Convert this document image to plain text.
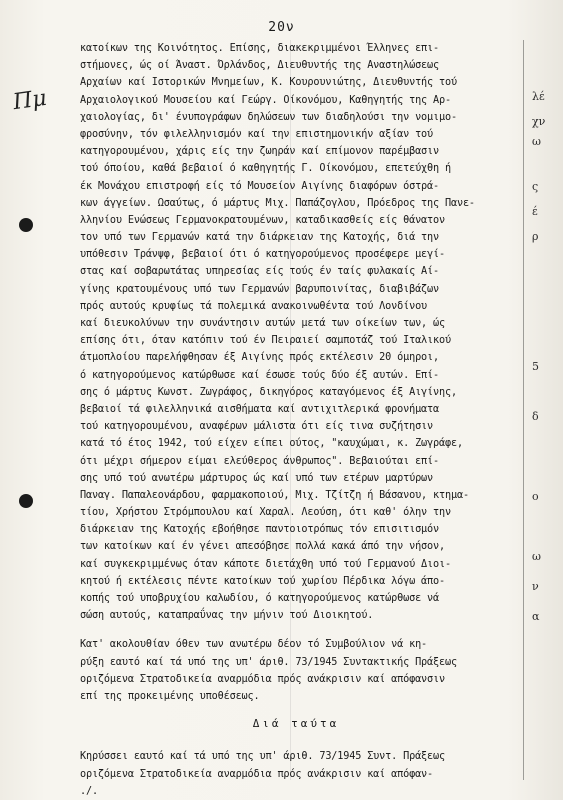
20ν
Πμ
κατοίκων της Κοινότητος. Επίσης, διακεκριμμένοι Έλληνες επι-
στήμονες, ώς οί Άναστ. Όρλάνδος, Διευθυντής της Αναστηλώσεως
Αρχαίων καί Ιστορικών Μνημείων, Κ. Κουρουνιώτης, Διευθυντής τού
Αρχαιολογικού Μουσείου καί Γεώργ. Οίκονόμου, Καθηγητής της Αρ-
χαιολογίας, δι' ένυπογράφων δηλώσεων των διαδηλούσι την νομιμο-
φροσύνην, τόν φιλελληνισμόν καί την επιστημονικήν αξίαν τού
κατηγορουμένου, χάρις είς την ζωηράν καί επίμονον παρέμβασιν
τού όποίου, καθά βεβαιοί ό καθηγητής Γ. Οίκονόμου, επετεύχθη ή
έκ Μονάχου επιστροφή είς τό Μουσείον Αιγίνης διαφόρων όστρά-
κων άγγείων. Ωσαύτως, ό μάρτυς Μιχ. Παπάζογλου, Πρόεδρος της Πανε-
λληνίου Ενώσεως Γερμανοκρατουμένων, καταδικασθείς είς θάνατον
τον υπό των Γερμανών κατά την διάρκειαν της Κατοχής, διά την
υπόθεσιν Τράνψφ, βεβαιοί ότι ό κατηγορούμενος προσέφερε μεγί-
στας καί σοβαρωτάτας υπηρεσίας είς τούς έν ταίς φυλακαίς Αί-
γίνης κρατουμένους υπό των Γερμανών βαρυποινίτας, διαβιβάζων
πρός αυτούς κρυφίως τά πολεμικά ανακοινωθέντα τού Λονδίνου
καί διευκολύνων την συνάντησιν αυτών μετά των οίκείων των, ώς
επίσης ότι, όταν κατόπιν τού έν Πειραιεί σαμποτάζ τού Ιταλικού
άτμοπλοίου παρελήφθησαν έξ Αιγίνης πρός εκτέλεσιν 20 όμηροι,
ό κατηγορούμενος κατώρθωσε καί έσωσε τούς δύο έξ αυτών. Επί-
σης ό μάρτυς Κωνστ. Ζωγράφος, δικηγόρος καταγόμενος έξ Αιγίνης,
βεβαιοί τά φιλελληνικά αισθήματα καί αντιχιτλερικά φρονήματα
τού κατηγορουμένου, αναφέρων μάλιστα ότι είς τινα συζήτησιν
κατά τό έτος 1942, τού είχεν είπει ούτος, "καυχώμαι, κ. Ζωγράφε,
ότι μέχρι σήμερον είμαι ελεύθερος άνθρωπος". Βεβαιούται επί-
σης υπό τού ανωτέρω μάρτυρος ώς καί υπό των ετέρων μαρτύρων
Παναγ. Παπαλεονάρδου, φαρμακοποιού, Μιχ. Τζίτζη ή Βάσανου, κτημα-
τίου, Χρήστου Στρόμπουλου καί Χαραλ. Λεούση, ότι καθ' όλην την
διάρκειαν της Κατοχής εβοήθησε παντοιοτρόπως τόν επισιτισμόν
των κατοίκων καί έν γένει απεσόβησε πολλά κακά άπό την νήσον,
καί συγκεκριμμένως όταν κάποτε διετάχθη υπό τού Γερμανού Διοι-
κητού ή εκτέλεσις πέντε κατοίκων τού χωρίου Πέρδικα λόγω άπο-
κοπής τού υποβρυχίου καλωδίου, ό κατηγορούμενος κατώρθωσε νά
σώση αυτούς, καταπραΰνας την μήνιν τού Διοικητού.
Κατ' ακολουθίαν όθεν των ανωτέρω δέον τό Συμβούλιον νά κη-
ρύξη εαυτό καί τά υπό της υπ' άριθ. 73/1945 Συντακτικής Πράξεως
οριζόμενα Στρατοδικεία αναρμόδια πρός ανάκρισιν καί απόφανσιν
επί της προκειμένης υποθέσεως.
Διά ταύτα
Κηρύσσει εαυτό καί τά υπό της υπ' άριθ. 73/1945 Συντ. Πράξεως
οριζόμενα Στρατοδικεία αναρμόδια πρός ανάκρισιν καί απόφαν-
./.
λέ
χν
ω
ς
έ
ρ
5
δ
ο
ω
ν
α
